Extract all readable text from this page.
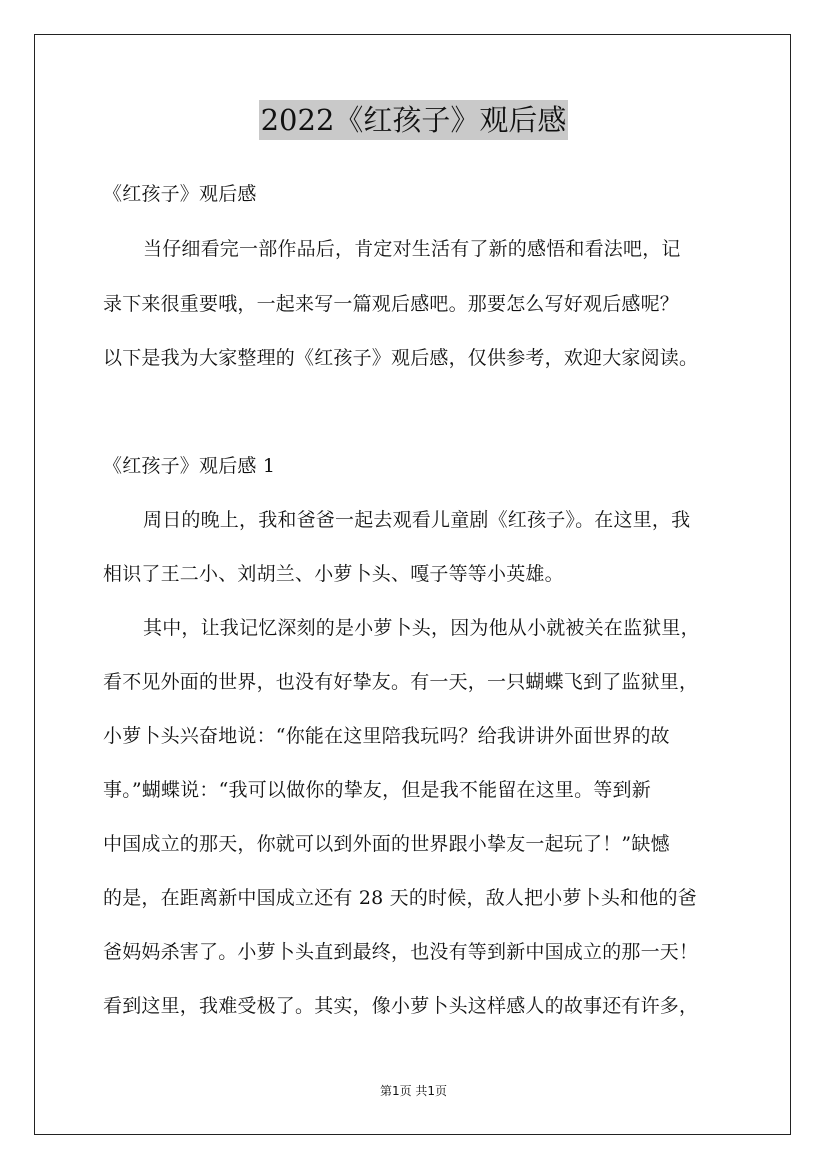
2022《红孩子》观后感
《红孩子》观后感
当仔细看完一部作品后，肯定对生活有了新的感悟和看法吧，记
录下来很重要哦，一起来写一篇观后感吧。那要怎么写好观后感呢？
以下是我为大家整理的《红孩子》观后感，仅供参考，欢迎大家阅读。
《红孩子》观后感 1
周日的晚上，我和爸爸一起去观看儿童剧《红孩子》。在这里，我
相识了王二小、刘胡兰、小萝卜头、嘎子等等小英雄。
其中，让我记忆深刻的是小萝卜头，因为他从小就被关在监狱里，
看不见外面的世界，也没有好挚友。有一天，一只蝴蝶飞到了监狱里，
小萝卜头兴奋地说：“你能在这里陪我玩吗？给我讲讲外面世界的故
事。”蝴蝶说：“我可以做你的挚友，但是我不能留在这里。等到新
中国成立的那天，你就可以到外面的世界跟小挚友一起玩了！”缺憾
的是，在距离新中国成立还有 28 天的时候，敌人把小萝卜头和他的爸
爸妈妈杀害了。小萝卜头直到最终，也没有等到新中国成立的那一天！
看到这里，我难受极了。其实，像小萝卜头这样感人的故事还有许多，
第1页 共1页
